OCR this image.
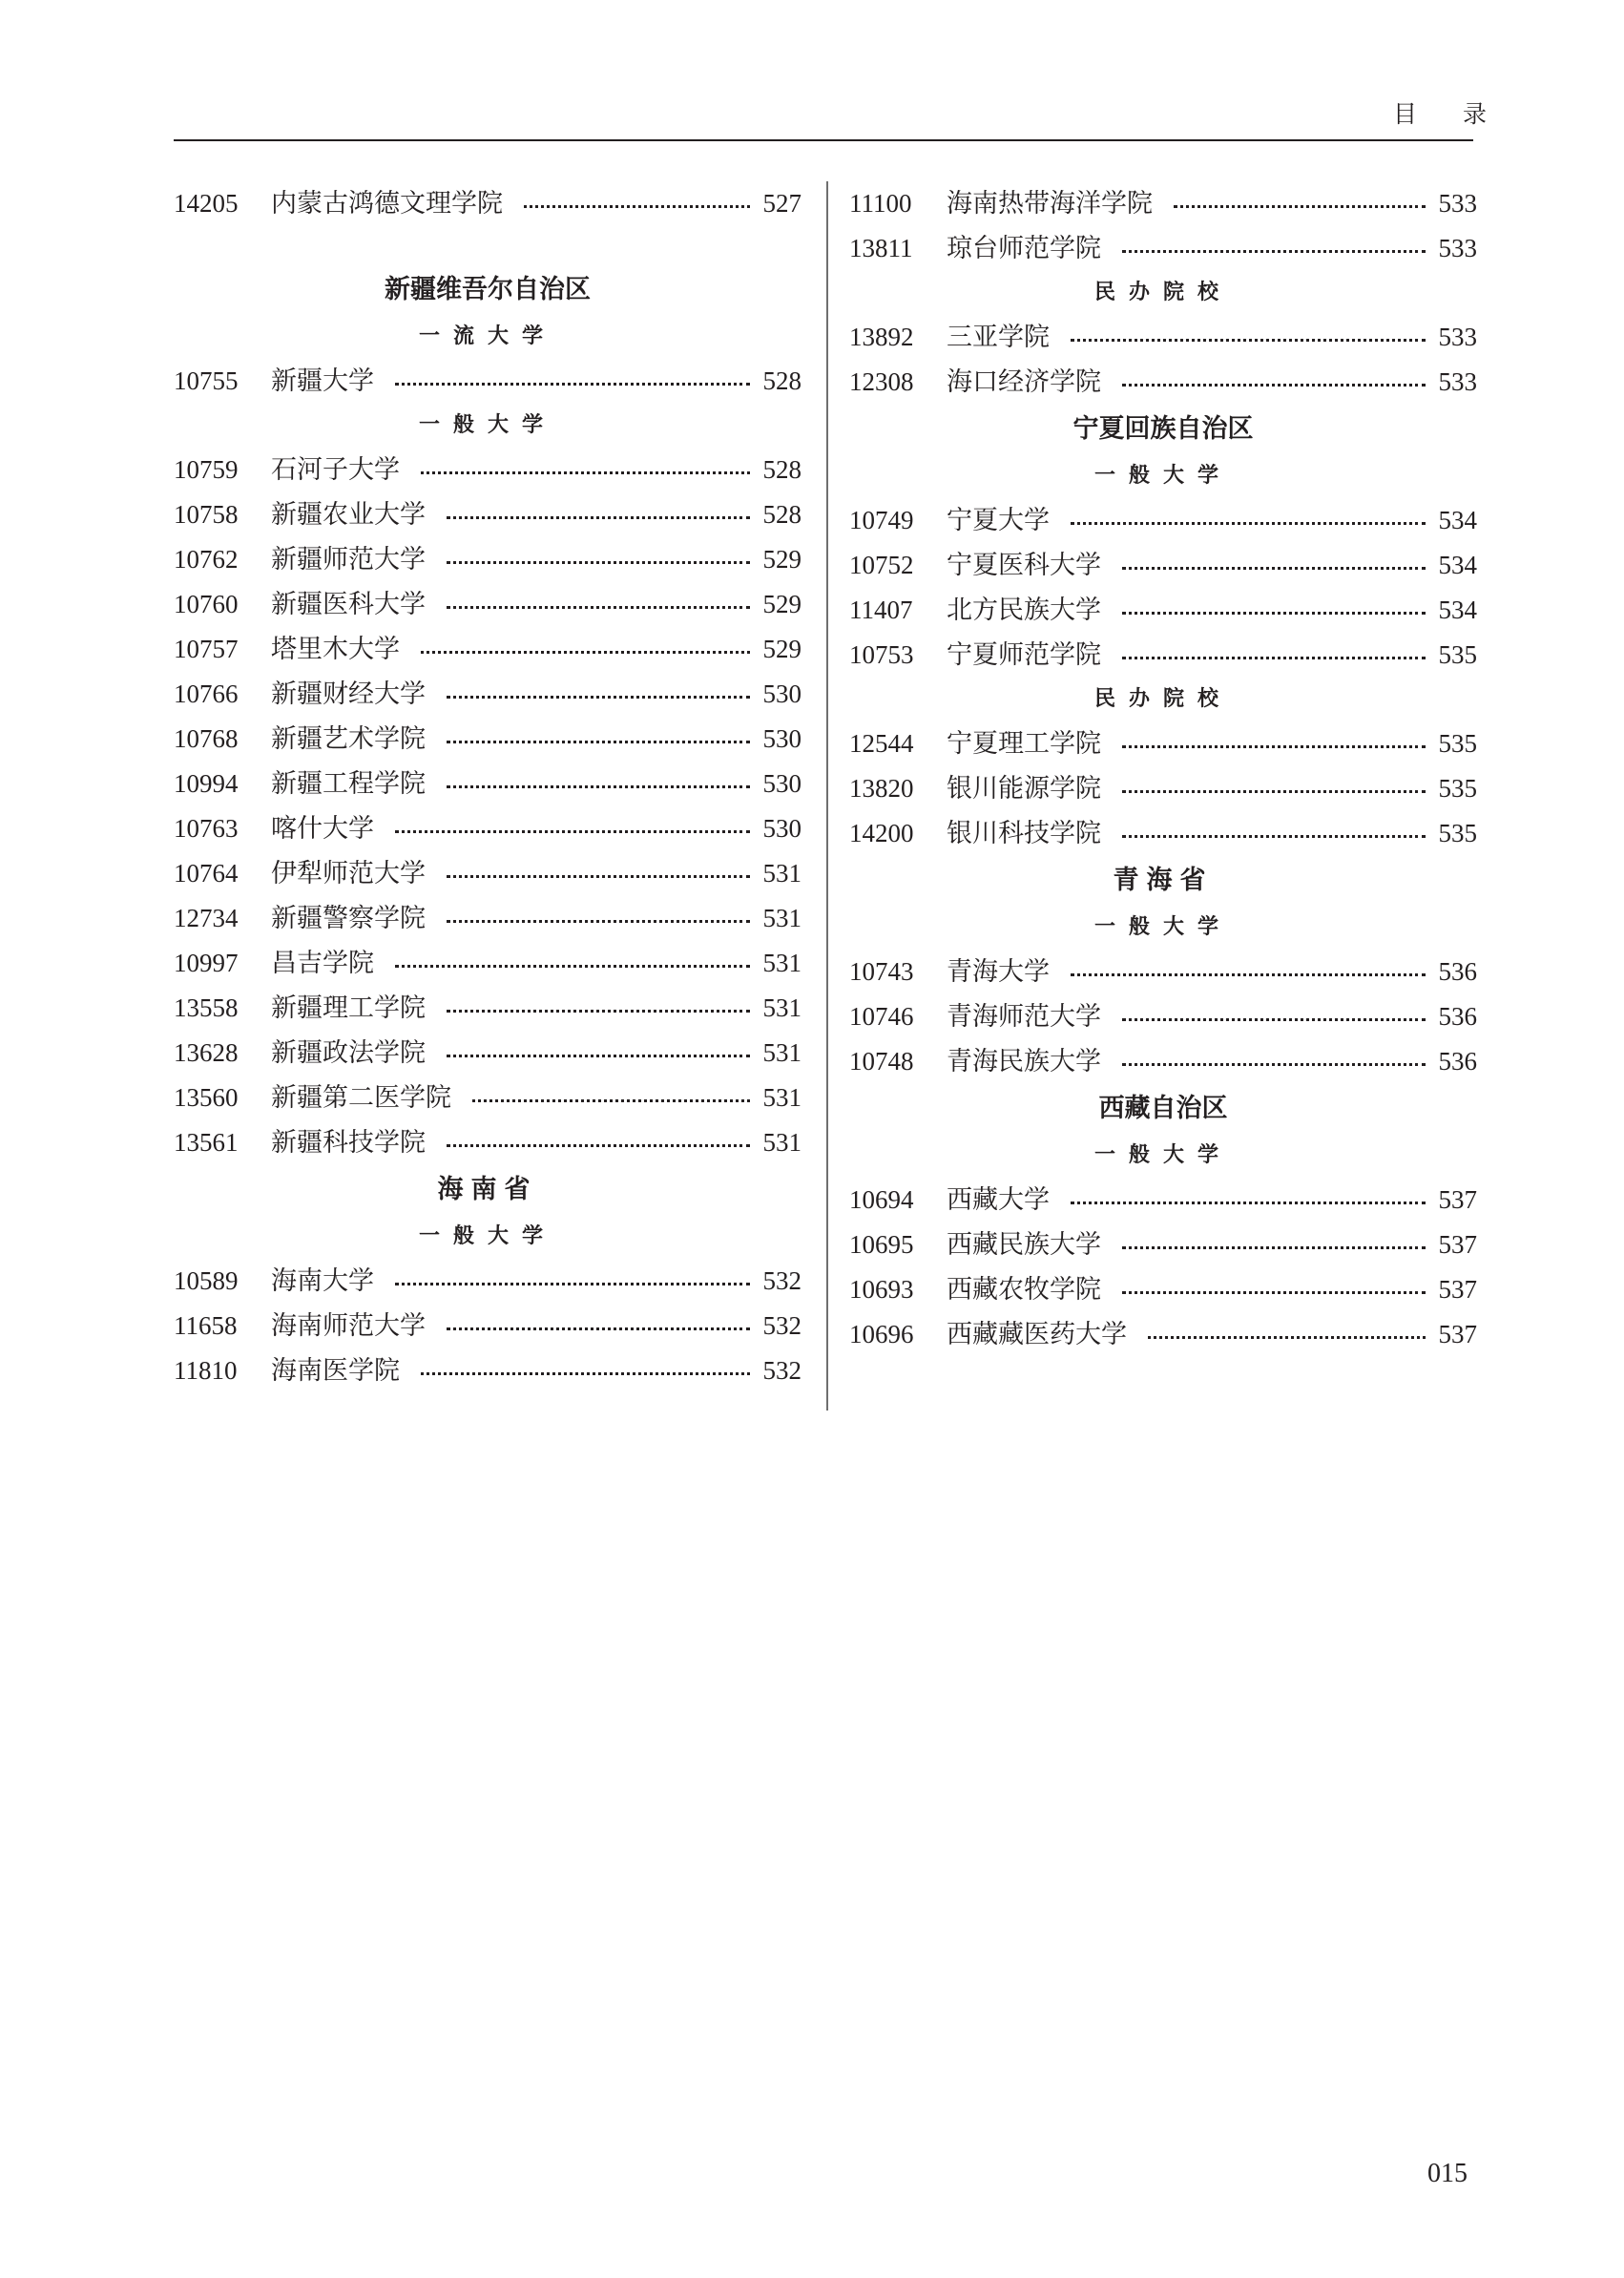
目 录
14205	内蒙古鸿德文理学院	527
新疆维吾尔自治区
一流大学
10755	新疆大学	528
一般大学
10759	石河子大学	528
10758	新疆农业大学	528
10762	新疆师范大学	529
10760	新疆医科大学	529
10757	塔里木大学	529
10766	新疆财经大学	530
10768	新疆艺术学院	530
10994	新疆工程学院	530
10763	喀什大学	530
10764	伊犁师范大学	531
12734	新疆警察学院	531
10997	昌吉学院	531
13558	新疆理工学院	531
13628	新疆政法学院	531
13560	新疆第二医学院	531
13561	新疆科技学院	531
海南省
一般大学
10589	海南大学	532
11658	海南师范大学	532
11810	海南医学院	532
11100	海南热带海洋学院	533
13811	琼台师范学院	533
民办院校
13892	三亚学院	533
12308	海口经济学院	533
宁夏回族自治区
一般大学
10749	宁夏大学	534
10752	宁夏医科大学	534
11407	北方民族大学	534
10753	宁夏师范学院	535
民办院校
12544	宁夏理工学院	535
13820	银川能源学院	535
14200	银川科技学院	535
青海省
一般大学
10743	青海大学	536
10746	青海师范大学	536
10748	青海民族大学	536
西藏自治区
一般大学
10694	西藏大学	537
10695	西藏民族大学	537
10693	西藏农牧学院	537
10696	西藏藏医药大学	537
015
